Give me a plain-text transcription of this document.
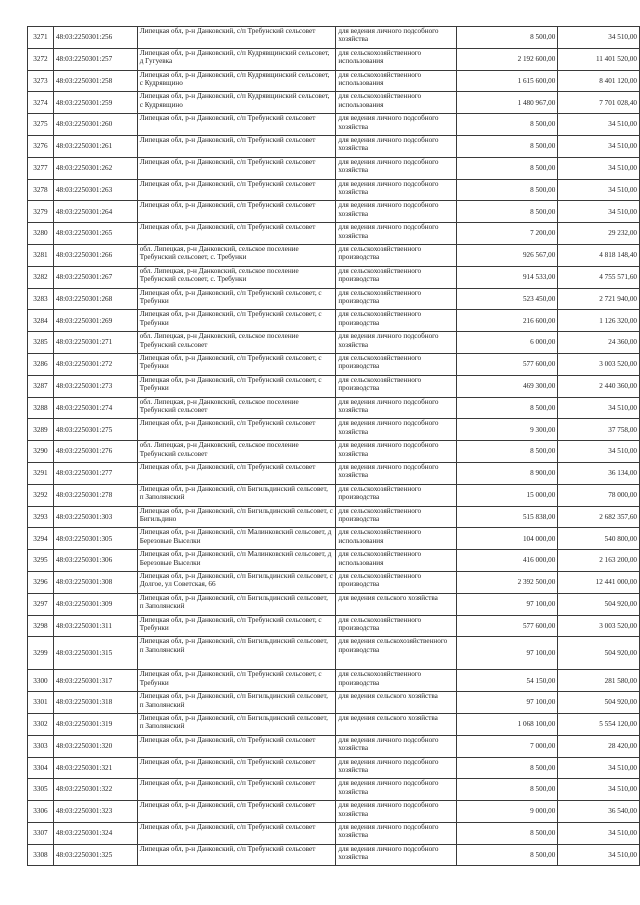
3271	48:03:2250301:256	Липецкая обл, р-н Данковский, с/п Требунский сельсовет	для ведения личного подсобного хозяйства	8 500,00	34 510,00
3272	48:03:2250301:257	Липецкая обл, р-н Данковский, с/п Кудрявщинский сельсовет, д Гугуевка	для сельскохозяйственного использования	2 192 600,00	11 401 520,00
3273	48:03:2250301:258	Липецкая обл, р-н Данковский, с/п Кудрявщинский сельсовет, с Кудрявщино	для сельскохозяйственного использования	1 615 600,00	8 401 120,00
3274	48:03:2250301:259	Липецкая обл, р-н Данковский, с/п Кудрявщинский сельсовет, с Кудрявщино	для сельскохозяйственного использования	1 480 967,00	7 701 028,40
3275	48:03:2250301:260	Липецкая обл, р-н Данковский, с/п Требунский сельсовет	для ведения личного подсобного хозяйства	8 500,00	34 510,00
3276	48:03:2250301:261	Липецкая обл, р-н Данковский, с/п Требунский сельсовет	для ведения личного подсобного хозяйства	8 500,00	34 510,00
3277	48:03:2250301:262	Липецкая обл, р-н Данковский, с/п Требунский сельсовет	для ведения личного подсобного хозяйства	8 500,00	34 510,00
3278	48:03:2250301:263	Липецкая обл, р-н Данковский, с/п Требунский сельсовет	для ведения личного подсобного хозяйства	8 500,00	34 510,00
3279	48:03:2250301:264	Липецкая обл, р-н Данковский, с/п Требунский сельсовет	для ведения личного подсобного хозяйства	8 500,00	34 510,00
3280	48:03:2250301:265	Липецкая обл, р-н Данковский, с/п Требунский сельсовет	для ведения личного подсобного хозяйства	7 200,00	29 232,00
3281	48:03:2250301:266	обл. Липецкая, р-н Данковский, сельское поселение Требунский сельсовет, с. Требунки	для сельскохозяйственного производства	926 567,00	4 818 148,40
3282	48:03:2250301:267	обл. Липецкая, р-н Данковский, сельское поселение Требунский сельсовет, с. Требунки	для сельскохозяйственного производства	914 533,00	4 755 571,60
3283	48:03:2250301:268	Липецкая обл, р-н Данковский, с/п Требунский сельсовет, с Требунки	для сельскохозяйственного производства	523 450,00	2 721 940,00
3284	48:03:2250301:269	Липецкая обл, р-н Данковский, с/п Требунский сельсовет, с Требунки	для сельскохозяйственного производства	216 600,00	1 126 320,00
3285	48:03:2250301:271	обл. Липецкая, р-н Данковский, сельское поселение Требунский сельсовет	для ведения личного подсобного хозяйства	6 000,00	24 360,00
3286	48:03:2250301:272	Липецкая обл, р-н Данковский, с/п Требунский сельсовет, с Требунки	для сельскохозяйственного производства	577 600,00	3 003 520,00
3287	48:03:2250301:273	Липецкая обл, р-н Данковский, с/п Требунский сельсовет, с Требунки	для сельскохозяйственного производства	469 300,00	2 440 360,00
3288	48:03:2250301:274	обл. Липецкая, р-н Данковский, сельское поселение Требунский сельсовет	для ведения личного подсобного хозяйства	8 500,00	34 510,00
3289	48:03:2250301:275	Липецкая обл, р-н Данковский, с/п Требунский сельсовет	для ведения личного подсобного хозяйства	9 300,00	37 758,00
3290	48:03:2250301:276	обл. Липецкая, р-н Данковский, сельское поселение Требунский сельсовет	для ведения личного подсобного хозяйства	8 500,00	34 510,00
3291	48:03:2250301:277	Липецкая обл, р-н Данковский, с/п Требунский сельсовет	для ведения личного подсобного хозяйства	8 900,00	36 134,00
3292	48:03:2250301:278	Липецкая обл, р-н Данковский, с/п Бигильдинский сельсовет, п Заполянский	для сельскохозяйственного производства	15 000,00	78 000,00
3293	48:03:2250301:303	Липецкая обл, р-н Данковский, с/п Бигильдинский сельсовет, с Бигильдино	для сельскохозяйственного производства	515 838,00	2 682 357,60
3294	48:03:2250301:305	Липецкая обл, р-н Данковский, с/п Малинковский сельсовет, д Березовые Выселки	для сельскохозяйственного использования	104 000,00	540 800,00
3295	48:03:2250301:306	Липецкая обл, р-н Данковский, с/п Малинковский сельсовет, д Березовые Выселки	для сельскохозяйственного использования	416 000,00	2 163 200,00
3296	48:03:2250301:308	Липецкая обл, р-н Данковский, с/п Бигильдинский сельсовет, с Долгое, ул Советская, 66	для сельскохозяйственного производства	2 392 500,00	12 441 000,00
3297	48:03:2250301:309	Липецкая обл, р-н Данковский, с/п Бигильдинский сельсовет, п Заполянский	для ведения сельского хозяйства	97 100,00	504 920,00
3298	48:03:2250301:311	Липецкая обл, р-н Данковский, с/п Требунский сельсовет, с Требунки	для сельскохозяйственного производства	577 600,00	3 003 520,00
3299	48:03:2250301:315	Липецкая обл, р-н Данковский, с/п Бигильдинский сельсовет, п Заполянский	для ведения сельскохозяйственного производства	97 100,00	504 920,00
3300	48:03:2250301:317	Липецкая обл, р-н Данковский, с/п Требунский сельсовет, с Требунки	для сельскохозяйственного производства	54 150,00	281 580,00
3301	48:03:2250301:318	Липецкая обл, р-н Данковский, с/п Бигильдинский сельсовет, п Заполянский	для ведения сельского хозяйства	97 100,00	504 920,00
3302	48:03:2250301:319	Липецкая обл, р-н Данковский, с/п Бигильдинский сельсовет, п Заполянский	для ведения сельского хозяйства	1 068 100,00	5 554 120,00
3303	48:03:2250301:320	Липецкая обл, р-н Данковский, с/п Требунский сельсовет	для ведения личного подсобного хозяйства	7 000,00	28 420,00
3304	48:03:2250301:321	Липецкая обл, р-н Данковский, с/п Требунский сельсовет	для ведения личного подсобного хозяйства	8 500,00	34 510,00
3305	48:03:2250301:322	Липецкая обл, р-н Данковский, с/п Требунский сельсовет	для ведения личного подсобного хозяйства	8 500,00	34 510,00
3306	48:03:2250301:323	Липецкая обл, р-н Данковский, с/п Требунский сельсовет	для ведения личного подсобного хозяйства	9 000,00	36 540,00
3307	48:03:2250301:324	Липецкая обл, р-н Данковский, с/п Требунский сельсовет	для ведения личного подсобного хозяйства	8 500,00	34 510,00
3308	48:03:2250301:325	Липецкая обл, р-н Данковский, с/п Требунский сельсовет	для ведения личного подсобного хозяйства	8 500,00	34 510,00
